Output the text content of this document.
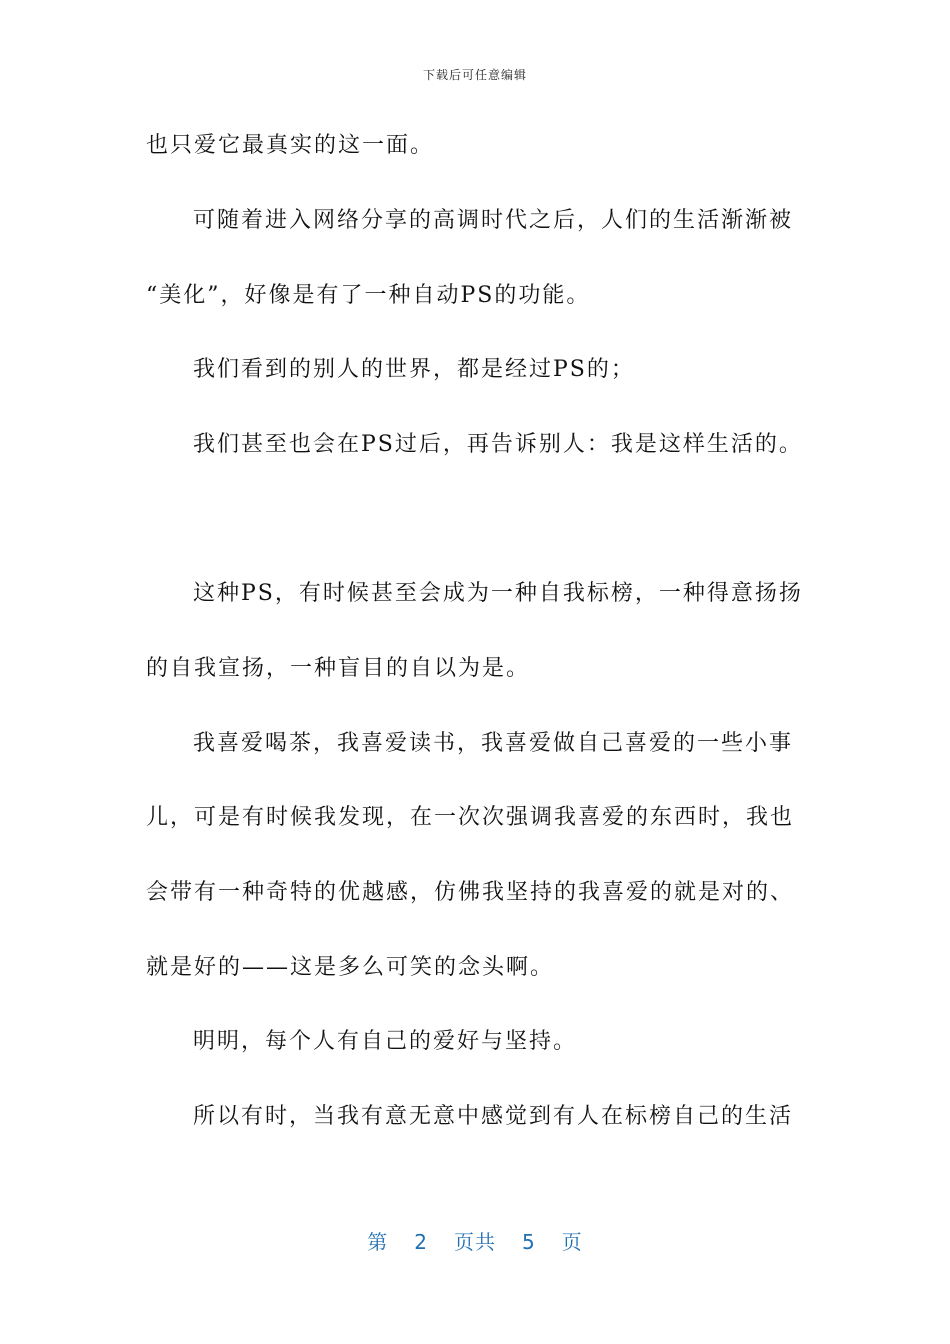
下载后可任意编辑
也只爱它最真实的这一面。
可随着进入网络分享的高调时代之后，人们的生活渐渐被
“美化”，好像是有了一种自动PS的功能。
我们看到的别人的世界，都是经过PS的；
我们甚至也会在PS过后，再告诉别人：我是这样生活的。
这种PS，有时候甚至会成为一种自我标榜，一种得意扬扬
的自我宣扬，一种盲目的自以为是。
我喜爱喝茶，我喜爱读书，我喜爱做自己喜爱的一些小事
儿，可是有时候我发现，在一次次强调我喜爱的东西时，我也
会带有一种奇特的优越感，仿佛我坚持的我喜爱的就是对的、
就是好的——这是多么可笑的念头啊。
明明，每个人有自己的爱好与坚持。
所以有时，当我有意无意中感觉到有人在标榜自己的生活
第 2 页共 5 页
